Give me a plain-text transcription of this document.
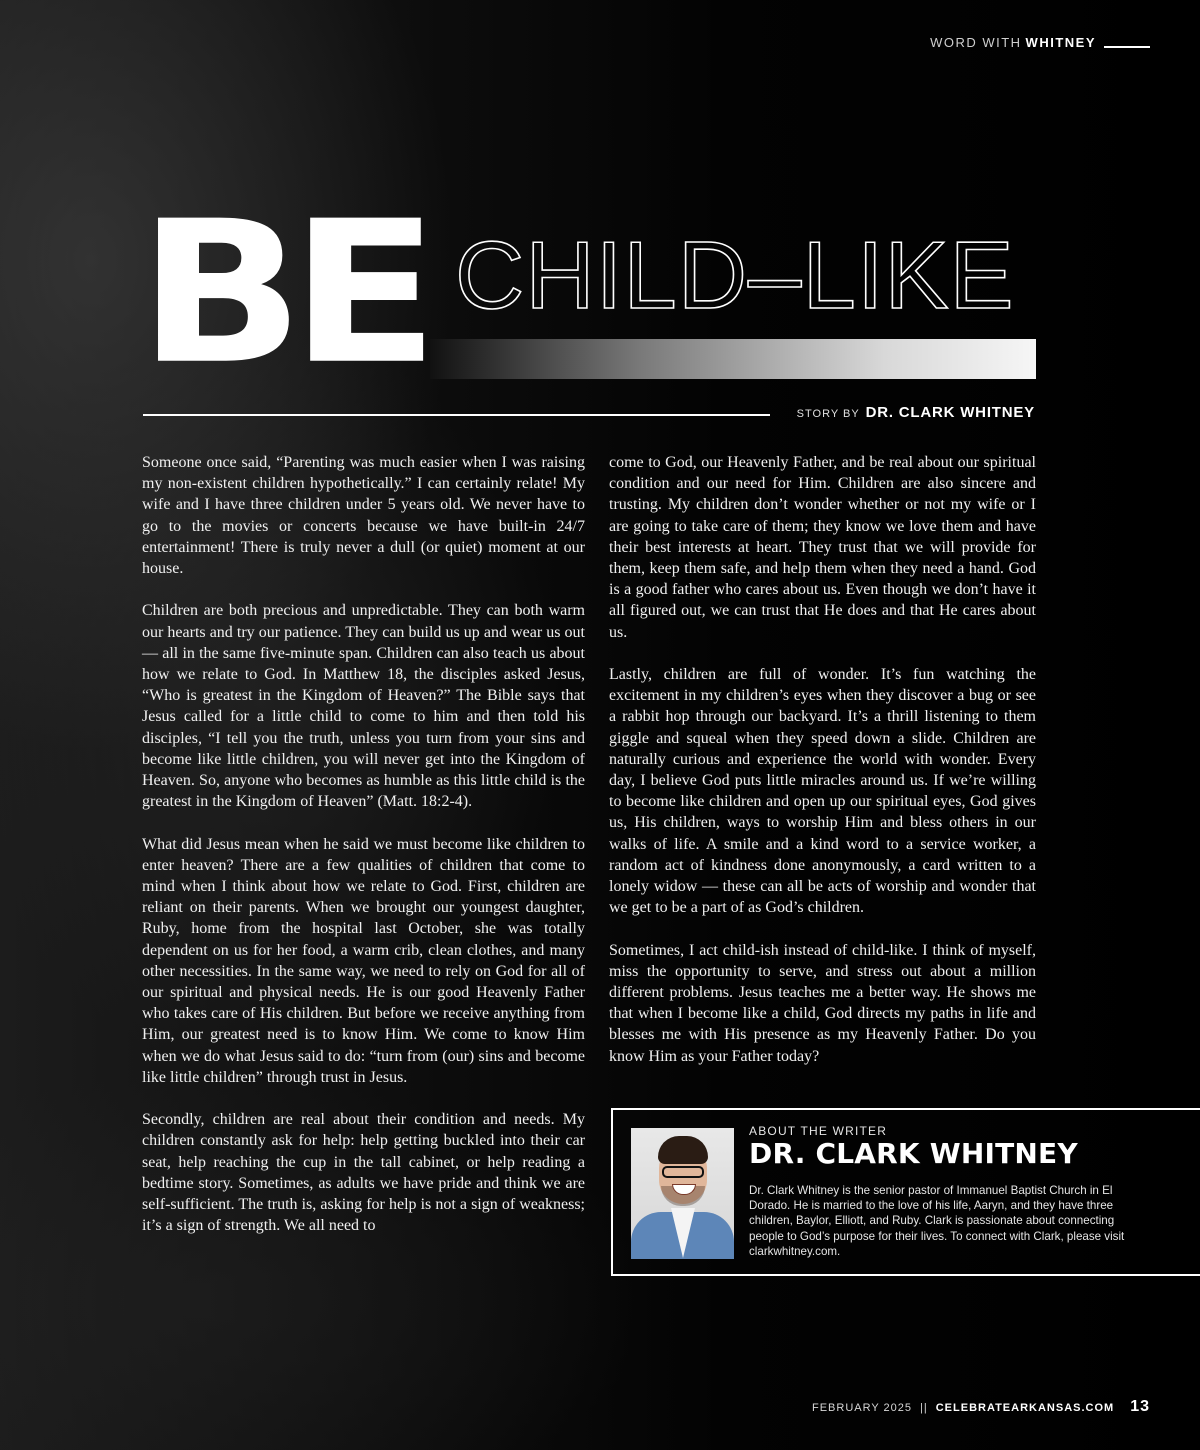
WORD WITH WHITNEY
BE CHILD–LIKE
STORY BY DR. CLARK WHITNEY

Someone once said, “Parenting was much easier when I was raising my non-existent children hypothetically.” I can certainly relate! My wife and I have three children under 5 years old. We never have to go to the movies or concerts because we have built-in 24/7 entertainment! There is truly never a dull (or quiet) moment at our house.

Children are both precious and unpredictable. They can both warm our hearts and try our patience. They can build us up and wear us out — all in the same five-minute span. Children can also teach us about how we relate to God. In Matthew 18, the disciples asked Jesus, “Who is greatest in the Kingdom of Heaven?” The Bible says that Jesus called for a little child to come to him and then told his disciples, “I tell you the truth, unless you turn from your sins and become like little children, you will never get into the Kingdom of Heaven. So, anyone who becomes as humble as this little child is the greatest in the Kingdom of Heaven” (Matt. 18:2-4).

What did Jesus mean when he said we must become like children to enter heaven? There are a few qualities of children that come to mind when I think about how we relate to God. First, children are reliant on their parents. When we brought our youngest daughter, Ruby, home from the hospital last October, she was totally dependent on us for her food, a warm crib, clean clothes, and many other necessities. In the same way, we need to rely on God for all of our spiritual and physical needs. He is our good Heavenly Father who takes care of His children. But before we receive anything from Him, our greatest need is to know Him. We come to know Him when we do what Jesus said to do: “turn from (our) sins and become like little children” through trust in Jesus.

Secondly, children are real about their condition and needs. My children constantly ask for help: help getting buckled into their car seat, help reaching the cup in the tall cabinet, or help reading a bedtime story. Sometimes, as adults we have pride and think we are self-sufficient. The truth is, asking for help is not a sign of weakness; it’s a sign of strength. We all need to

come to God, our Heavenly Father, and be real about our spiritual condition and our need for Him. Children are also sincere and trusting. My children don’t wonder whether or not my wife or I are going to take care of them; they know we love them and have their best interests at heart. They trust that we will provide for them, keep them safe, and help them when they need a hand. God is a good father who cares about us. Even though we don’t have it all figured out, we can trust that He does and that He cares about us.

Lastly, children are full of wonder. It’s fun watching the excitement in my children’s eyes when they discover a bug or see a rabbit hop through our backyard. It’s a thrill listening to them giggle and squeal when they speed down a slide. Children are naturally curious and experience the world with wonder. Every day, I believe God puts little miracles around us. If we’re willing to become like children and open up our spiritual eyes, God gives us, His children, ways to worship Him and bless others in our walks of life. A smile and a kind word to a service worker, a random act of kindness done anonymously, a card written to a lonely widow — these can all be acts of worship and wonder that we get to be a part of as God’s children.

Sometimes, I act child-ish instead of child-like. I think of myself, miss the opportunity to serve, and stress out about a million different problems. Jesus teaches me a better way. He shows me that when I become like a child, God directs my paths in life and blesses me with His presence as my Heavenly Father. Do you know Him as your Father today?

ABOUT THE WRITER
DR. CLARK WHITNEY
Dr. Clark Whitney is the senior pastor of Immanuel Baptist Church in El Dorado. He is married to the love of his life, Aaryn, and they have three children, Baylor, Elliott, and Ruby. Clark is passionate about connecting people to God’s purpose for their lives. To connect with Clark, please visit clarkwhitney.com.
FEBRUARY 2025 || CELEBRATEARKANSAS.COM 13
